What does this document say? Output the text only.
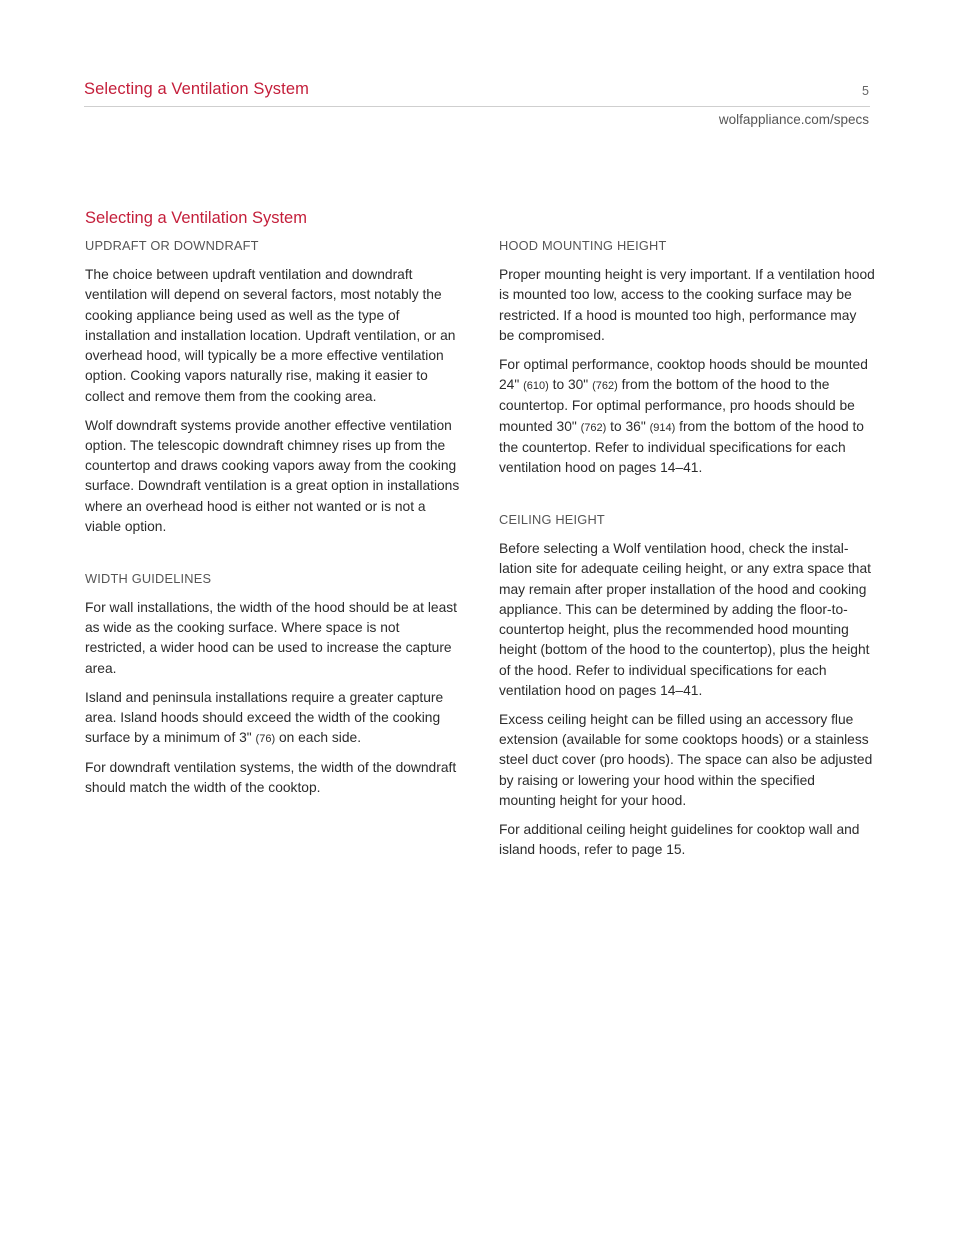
Selecting a Ventilation System	5
wolfappliance.com/specs
Selecting a Ventilation System
UPDRAFT OR DOWNDRAFT

The choice between updraft ventilation and downdraft ventilation will depend on several factors, most notably the cooking appliance being used as well as the type of installation and installation location. Updraft ventilation, or an overhead hood, will typically be a more effective ventilation option. Cooking vapors naturally rise, making it easier to collect and remove them from the cooking area.

Wolf downdraft systems provide another effective ventilation option. The telescopic downdraft chimney rises up from the countertop and draws cooking vapors away from the cooking surface. Downdraft ventilation is a great option in installations where an overhead hood is either not wanted or is not a viable option.

WIDTH GUIDELINES

For wall installations, the width of the hood should be at least as wide as the cooking surface. Where space is not restricted, a wider hood can be used to increase the capture area.

Island and peninsula installations require a greater capture area. Island hoods should exceed the width of the cooking surface by a minimum of 3" (76) on each side.

For downdraft ventilation systems, the width of the downdraft should match the width of the cooktop.

HOOD MOUNTING HEIGHT

Proper mounting height is very important. If a ventilation hood is mounted too low, access to the cooking surface may be restricted. If a hood is mounted too high, performance may be compromised.

For optimal performance, cooktop hoods should be mounted 24" (610) to 30" (762) from the bottom of the hood to the countertop. For optimal performance, pro hoods should be mounted 30" (762) to 36" (914) from the bottom of the hood to the countertop. Refer to individual specifications for each ventilation hood on pages 14–41.

CEILING HEIGHT

Before selecting a Wolf ventilation hood, check the installation site for adequate ceiling height, or any extra space that may remain after proper installation of the hood and cooking appliance. This can be determined by adding the floor-to-countertop height, plus the recommended hood mounting height (bottom of the hood to the countertop), plus the height of the hood. Refer to individual specifications for each ventilation hood on pages 14–41.

Excess ceiling height can be filled using an accessory flue extension (available for some cooktops hoods) or a stainless steel duct cover (pro hoods). The space can also be adjusted by raising or lowering your hood within the specified mounting height for your hood.

For additional ceiling height guidelines for cooktop wall and island hoods, refer to page 15.
